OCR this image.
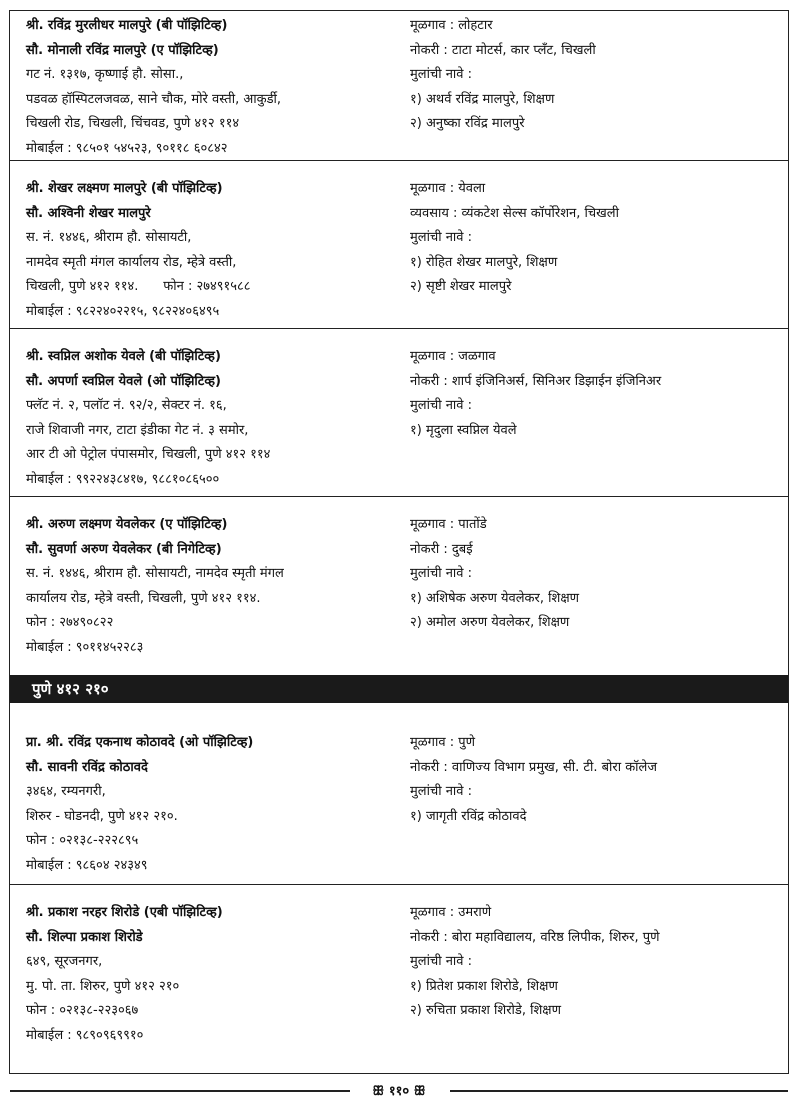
श्री. रविंद्र मुरलीधर मालपुरे (बी पॉझिटिव्ह)
सौ. मोनाली रविंद्र मालपुरे (ए पॉझिटिव्ह)
गट नं. १३१७, कृष्णाई हौ. सोसा.,
पडवळ हॉस्पिटलजवळ, साने चौक, मोरे वस्ती, आकुर्डी,
चिखली रोड, चिखली, चिंचवड, पुणे ४१२ ११४
मोबाईल : ९८५०१ ५४५२३, ९०११८ ६०८४२
मूळगाव : लोहटार
नोकरी : टाटा मोटर्स, कार प्लँट, चिखली
मुलांची नावे :
१) अथर्व रविंद्र मालपुरे, शिक्षण
२) अनुष्का रविंद्र मालपुरे
श्री. शेखर लक्ष्मण मालपुरे (बी पॉझिटिव्ह)
सौ. अश्विनी शेखर मालपुरे
स. नं. १४४६, श्रीराम हौ. सोसायटी,
नामदेव स्मृती मंगल कार्यालय रोड, म्हेत्रे वस्ती,
चिखली, पुणे ४१२ ११४.      फोन : २७४९१५८८
मोबाईल : ९८२२४०२२१५, ९८२२४०६४९५
मूळगाव : येवला
व्यवसाय : व्यंकटेश सेल्स कॉर्पोरेशन, चिखली
मुलांची नावे :
१) रोहित शेखर मालपुरे, शिक्षण
२) सृष्टी शेखर मालपुरे
श्री. स्वप्निल अशोक येवले (बी पॉझिटिव्ह)
सौ. अपर्णा स्वप्निल येवले (ओ पॉझिटिव्ह)
फ्लॅट नं. २, पलॉट नं. ९२/२, सेक्टर नं. १६,
राजे शिवाजी नगर, टाटा इंडीका गेट नं. ३ समोर,
आर टी ओ पेट्रोल पंपासमोर, चिखली, पुणे ४१२ ११४
मोबाईल : ९९२२४३८४१७, ९८८१०८६५००
मूळगाव : जळगाव
नोकरी : शार्प इंजिनिअर्स, सिनिअर डिझाईन इंजिनिअर
मुलांची नावे :
१) मृदुला स्वप्निल येवले
श्री. अरुण लक्ष्मण येवलेकर (ए पॉझिटिव्ह)
सौ. सुवर्णा अरुण येवलेकर (बी निगेटिव्ह)
स. नं. १४४६, श्रीराम हौ. सोसायटी, नामदेव स्मृती मंगल
कार्यालय रोड, म्हेत्रे वस्ती, चिखली, पुणे ४१२ ११४.
फोन : २७४९०८२२
मोबाईल : ९०११४५२२८३
मूळगाव : पातोंडे
नोकरी : दुबई
मुलांची नावे :
१) अशिषेक अरुण येवलेकर, शिक्षण
२) अमोल अरुण येवलेकर, शिक्षण
पुणे ४१२ २१०
प्रा. श्री. रविंद्र एकनाथ कोठावदे (ओ पॉझिटिव्ह)
सौ. सावनी रविंद्र कोठावदे
३४६४, रम्यनगरी,
शिरुर - घोडनदी, पुणे ४१२ २१०.
फोन : ०२१३८-२२२८९५
मोबाईल : ९८६०४ २४३४९
मूळगाव : पुणे
नोकरी : वाणिज्य विभाग प्रमुख, सी. टी. बोरा कॉलेज
मुलांची नावे :
१) जागृती रविंद्र कोठावदे
श्री. प्रकाश नरहर शिरोडे (एबी पॉझिटिव्ह)
सौ. शिल्पा प्रकाश शिरोडे
६४९, सूरजनगर,
मु. पो. ता. शिरुर, पुणे ४१२ २१०
फोन : ०२१३८-२२३०६७
मोबाईल : ९८९०९६९९१०
मूळगाव : उमराणे
नोकरी : बोरा महाविद्यालय, वरिष्ठ लिपीक, शिरुर, पुणे
मुलांची नावे :
१) प्रितेश प्रकाश शिरोडे, शिक्षण
२) रुचिता प्रकाश शिरोडे, शिक्षण
ꕥ ११० ꕥ
